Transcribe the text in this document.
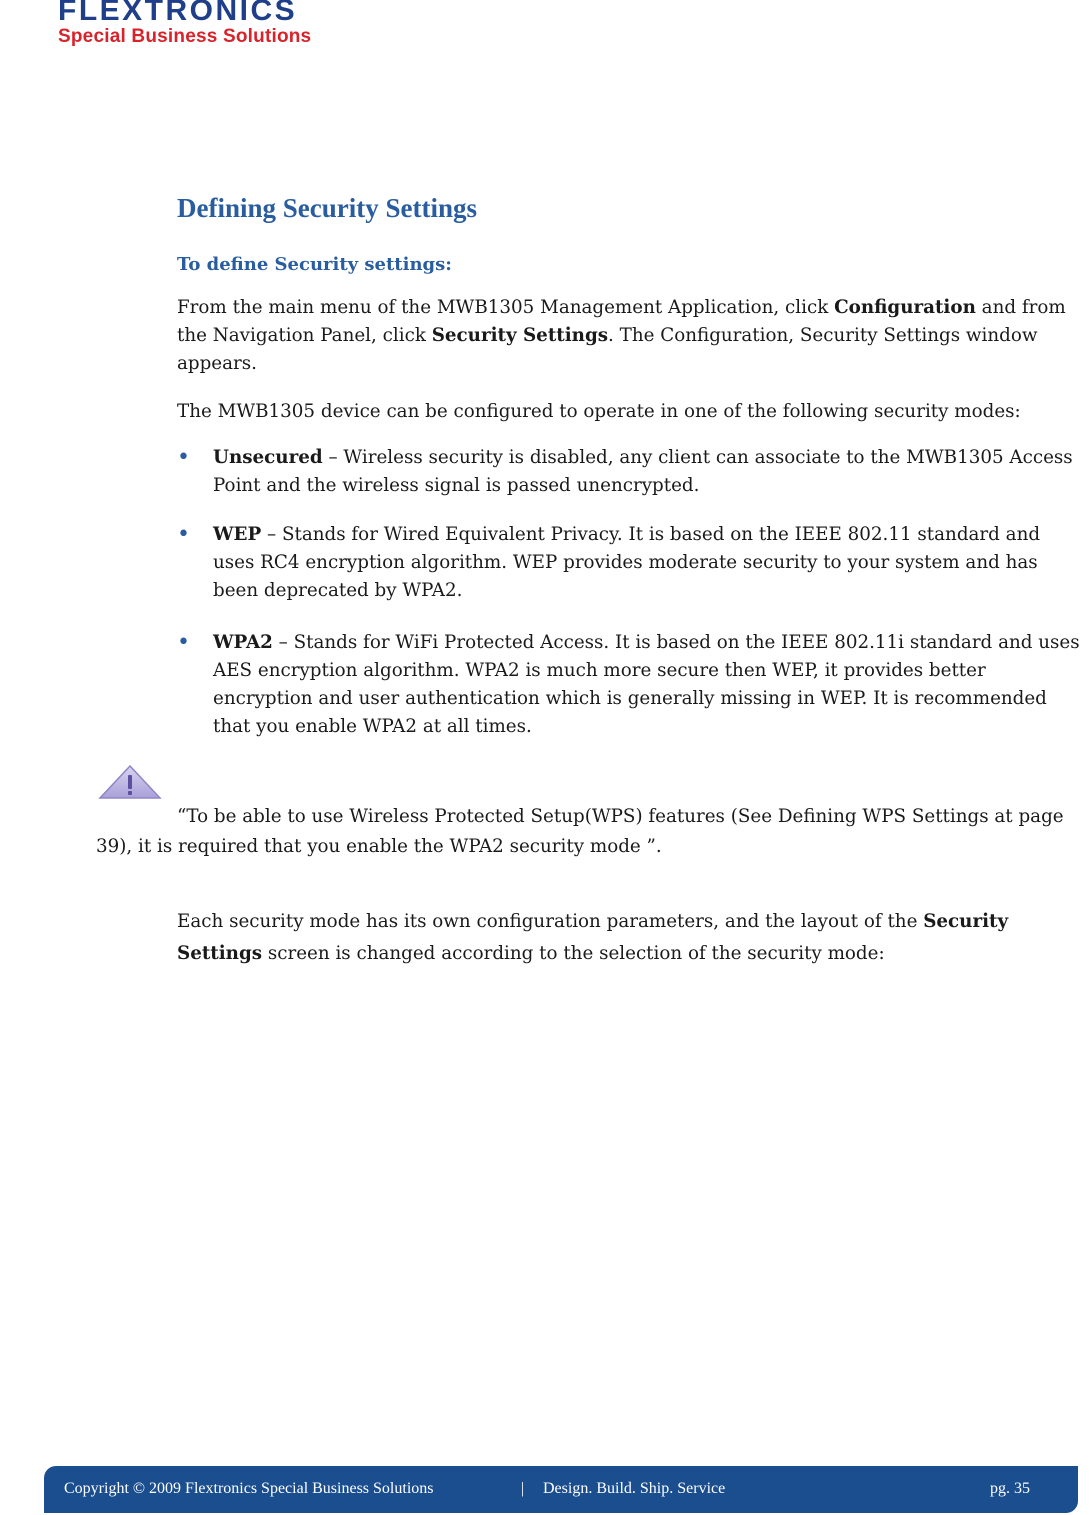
FLEXTRONICS
Special Business Solutions
Defining Security Settings
To define Security settings:

From the main menu of the MWB1305 Management Application, click Configuration and from the Navigation Panel, click Security Settings. The Configuration, Security Settings window appears.

The MWB1305 device can be configured to operate in one of the following security modes:

• Unsecured – Wireless security is disabled, any client can associate to the MWB1305 Access Point and the wireless signal is passed unencrypted.
• WEP – Stands for Wired Equivalent Privacy. It is based on the IEEE 802.11 standard and uses RC4 encryption algorithm. WEP provides moderate security to your system and has been deprecated by WPA2.
• WPA2 – Stands for WiFi Protected Access. It is based on the IEEE 802.11i standard and uses AES encryption algorithm. WPA2 is much more secure then WEP, it provides better encryption and user authentication which is generally missing in WEP. It is recommended that you enable WPA2 at all times.

“To be able to use Wireless Protected Setup(WPS) features (See Defining WPS Settings at page 39), it is required that you enable the WPA2 security mode ”.

Each security mode has its own configuration parameters, and the layout of the Security Settings screen is changed according to the selection of the security mode:

Copyright © 2009 Flextronics Special Business Solutions	| Design. Build. Ship. Service	pg. 35
